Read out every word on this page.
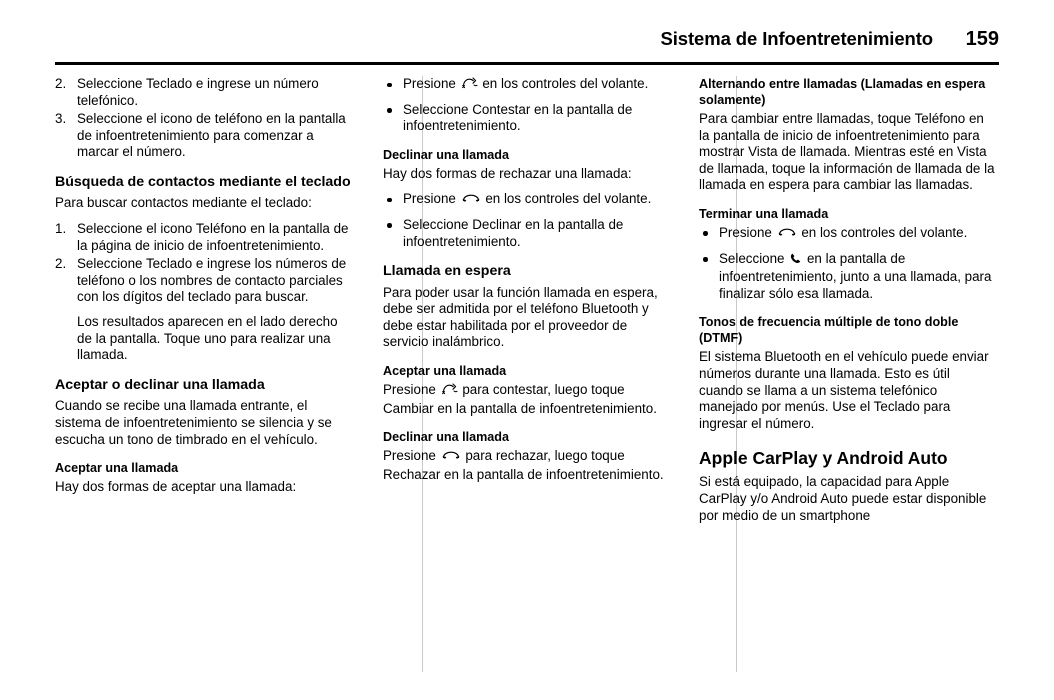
Sistema de Infoentretenimiento 159
2. Seleccione Teclado e ingrese un número telefónico.
3. Seleccione el icono de teléfono en la pantalla de infoentretenimiento para comenzar a marcar el número.
Búsqueda de contactos mediante el teclado

Para buscar contactos mediante el teclado:

1. Seleccione el icono Teléfono en la pantalla de la página de inicio de infoentretenimiento.
2. Seleccione Teclado e ingrese los números de teléfono o los nombres de contacto parciales con los dígitos del teclado para buscar.

Los resultados aparecen en el lado derecho de la pantalla. Toque uno para realizar una llamada.

Aceptar o declinar una llamada

Cuando se recibe una llamada entrante, el sistema de infoentretenimiento se silencia y se escucha un tono de timbrado en el vehículo.

Aceptar una llamada

Hay dos formas de aceptar una llamada:

Presione en los controles del volante.
Seleccione Contestar en la pantalla de infoentretenimiento.
Declinar una llamada

Hay dos formas de rechazar una llamada:

Presione en los controles del volante.
Seleccione Declinar en la pantalla de infoentretenimiento.
Llamada en espera

Para poder usar la función llamada en espera, debe ser admitida por el teléfono Bluetooth y debe estar habilitada por el proveedor de servicio inalámbrico.

Aceptar una llamada

Presione para contestar, luego toque Cambiar en la pantalla de infoentretenimiento.

Declinar una llamada

Presione para rechazar, luego toque Rechazar en la pantalla de infoentretenimiento.

Alternando entre llamadas (Llamadas en espera solamente)

Para cambiar entre llamadas, toque Teléfono en la pantalla de inicio de infoentretenimiento para mostrar Vista de llamada. Mientras esté en Vista de llamada, toque la información de llamada de la llamada en espera para cambiar las llamadas.

Terminar una llamada
Presione en los controles del volante.
Seleccione en la pantalla de infoentretenimiento, junto a una llamada, para finalizar sólo esa llamada.
Tonos de frecuencia múltiple de tono doble (DTMF)

El sistema Bluetooth en el vehículo puede enviar números durante una llamada. Esto es útil cuando se llama a un sistema telefónico manejado por menús. Use el Teclado para ingresar el número.

Apple CarPlay y Android Auto

Si está equipado, la capacidad para Apple CarPlay y/o Android Auto puede estar disponible por medio de un smartphone
